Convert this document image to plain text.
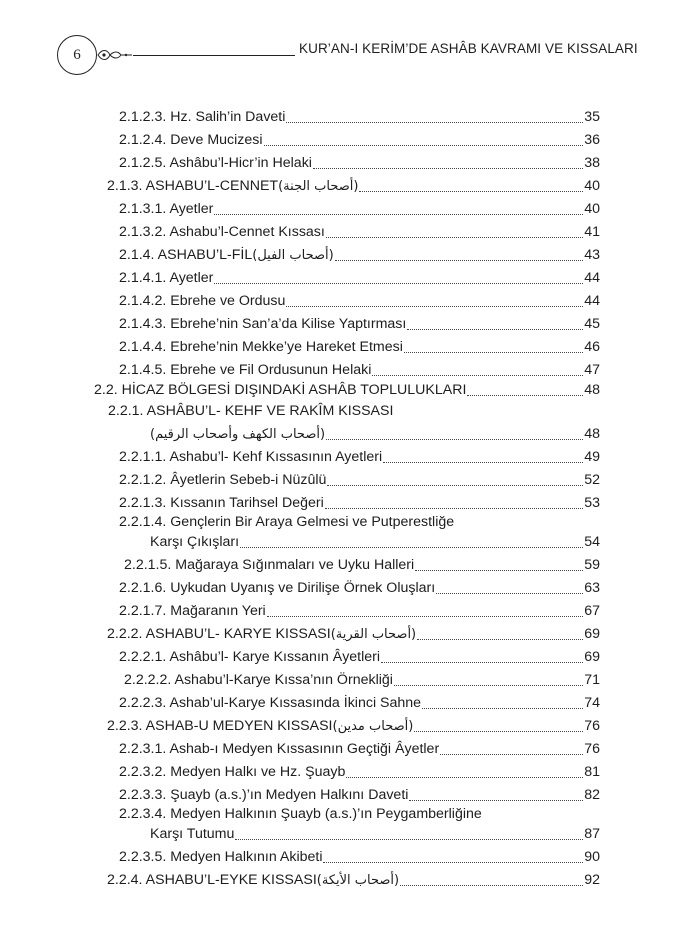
6	KUR’AN-I KERİM’DE ASHÂB KAVRAMI VE KISSALARI
2.1.2.3. Hz. Salih’in Daveti	35
2.1.2.4. Deve Mucizesi	36
2.1.2.5. Ashâbu’l-Hicr’in Helaki	38
2.1.3. ASHABU’L-CENNET (أصحاب الجنة)	40
2.1.3.1. Ayetler	40
2.1.3.2. Ashabu’l-Cennet Kıssası	41
2.1.4. ASHABU’L-FİL (أصحاب الفيل)	43
2.1.4.1. Ayetler	44
2.1.4.2. Ebrehe ve Ordusu	44
2.1.4.3. Ebrehe’nin San’a’da Kilise Yaptırması	45
2.1.4.4. Ebrehe’nin Mekke’ye Hareket Etmesi	46
2.1.4.5. Ebrehe ve Fil Ordusunun Helaki	47
2.2. HİCAZ BÖLGESİ DIŞINDAKİ ASHÂB TOPLULUKLARI	48
2.2.1. ASHÂBU’L- KEHF VE RAKÎM KISSASI
(أصحاب الكهف وأصحاب الرقيم)	48
2.2.1.1. Ashabu’l- Kehf Kıssasının Ayetleri	49
2.2.1.2. Âyetlerin Sebeb-i Nüzûlü	52
2.2.1.3. Kıssanın Tarihsel Değeri	53
2.2.1.4. Gençlerin Bir Araya Gelmesi ve Putperestliğe
Karşı Çıkışları	54
2.2.1.5. Mağaraya Sığınmaları ve Uyku Halleri	59
2.2.1.6. Uykudan Uyanış ve Dirilişe Örnek Oluşları	63
2.2.1.7. Mağaranın Yeri	67
2.2.2. ASHABU’L- KARYE KISSASI (أصحاب القرية)	69
2.2.2.1. Ashâbu’l- Karye Kıssanın Âyetleri	69
2.2.2.2. Ashabu’l-Karye Kıssa’nın Örnekliği	71
2.2.2.3. Ashab’ul-Karye Kıssasında İkinci Sahne	74
2.2.3. ASHAB-U MEDYEN KISSASI (أصحاب مدين)	76
2.2.3.1. Ashab-ı Medyen Kıssasının Geçtiği Âyetler	76
2.2.3.2. Medyen Halkı ve Hz. Şuayb	81
2.2.3.3. Şuayb (a.s.)’ın Medyen Halkını Daveti	82
2.2.3.4. Medyen Halkının Şuayb (a.s.)’ın Peygamberliğine
Karşı Tutumu	87
2.2.3.5. Medyen Halkının Akibeti	90
2.2.4. ASHABU’L-EYKE KISSASI (أصحاب الأيكة)	92
